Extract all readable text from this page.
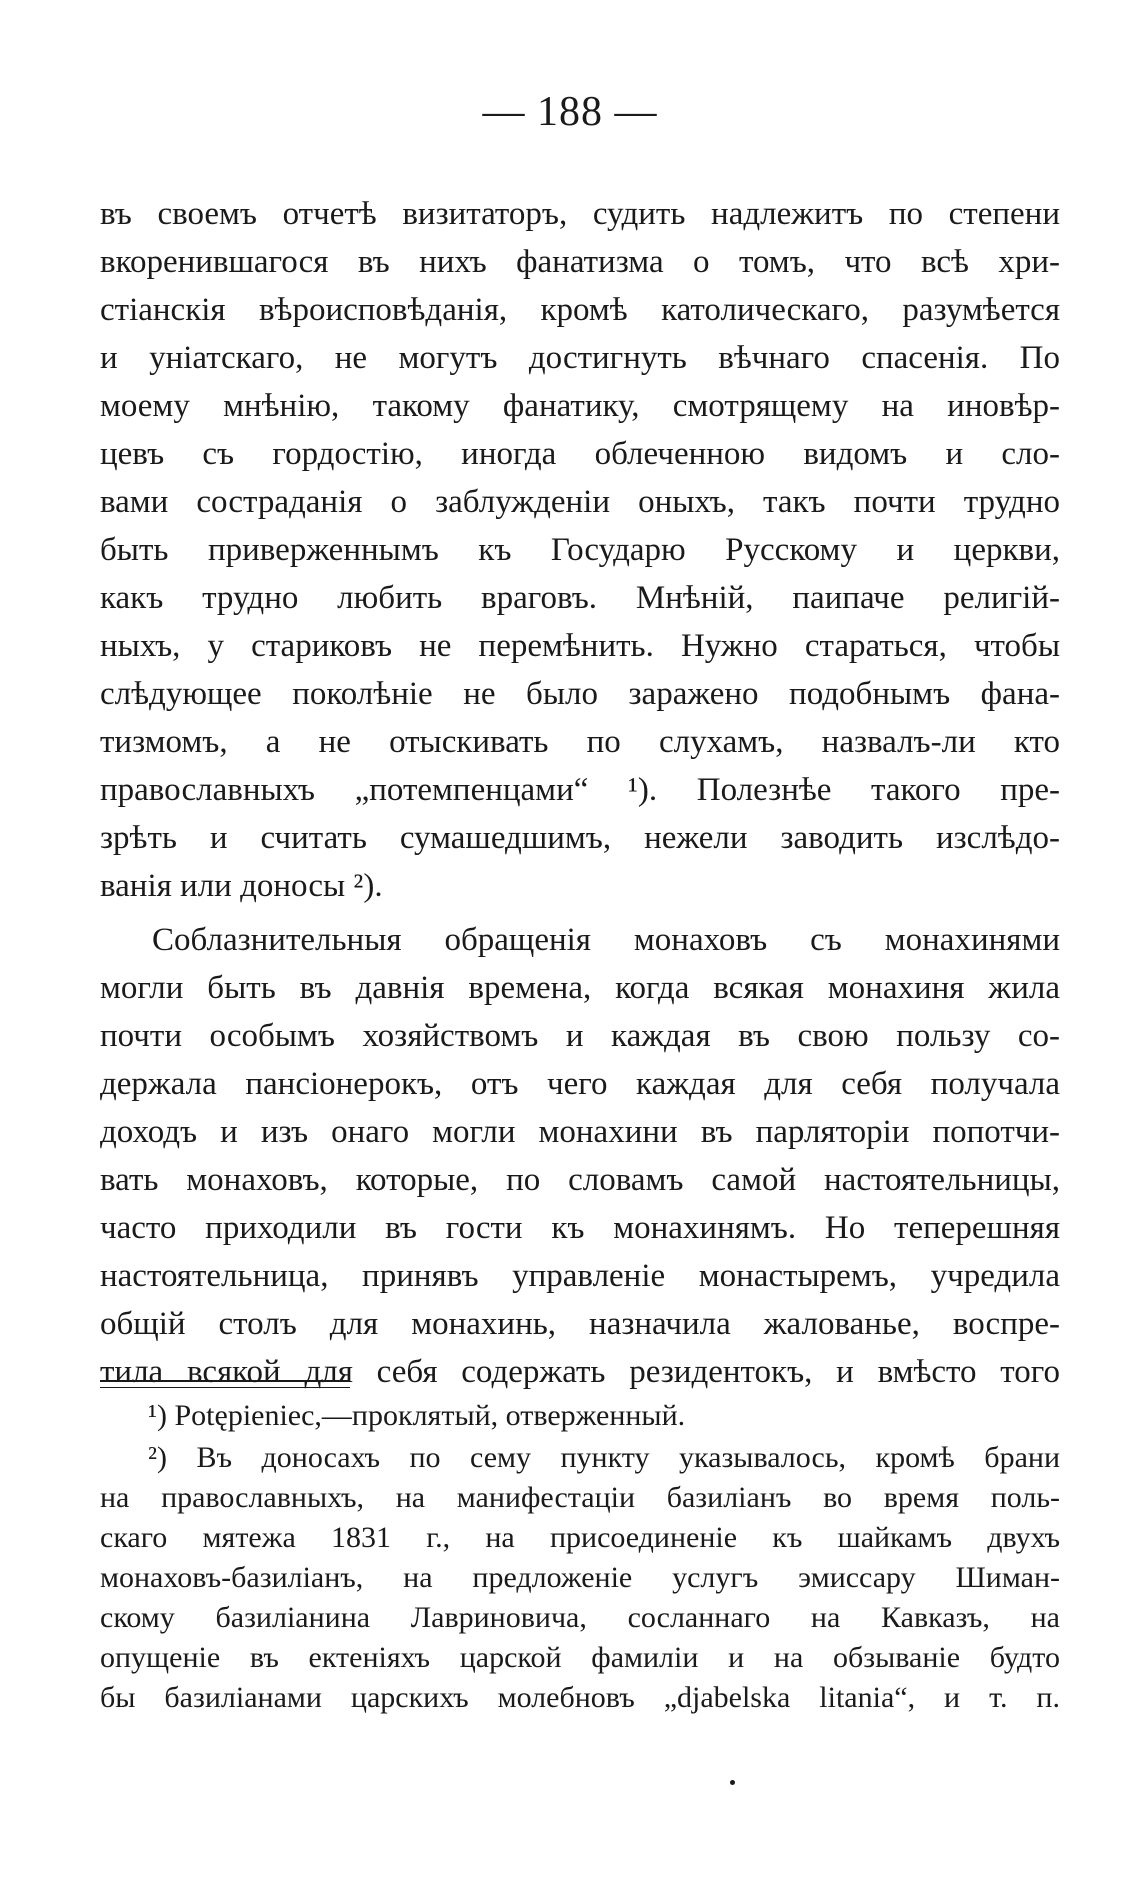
— 188 —
въ своемъ отчетѣ визитаторъ, судить надлежитъ по степени
вкоренившагося въ нихъ фанатизма о томъ, что всѣ хри-
стіанскія вѣроисповѣданія, кромѣ католическаго, разумѣется
и уніатскаго, не могутъ достигнуть вѣчнаго спасенія. По
моему мнѣнію, такому фанатику, смотрящему на иновѣр-
цевъ съ гордостію, иногда облеченною видомъ и сло-
вами сострaданія о заблужденіи оныхъ, такъ почти трудно
быть приверженнымъ къ Государю Русскому и церкви,
какъ трудно любить враговъ. Мнѣній, паипаче религій-
ныхъ, у стариковъ не перемѣнить. Нужно стараться, чтобы
слѣдующее поколѣніе не было заражено подобнымъ фана-
тизмомъ, а не отыскивать по слухамъ, назвалъ-ли кто
православныхъ „потемпенцами“ ¹). Полезнѣе такого пре-
зрѣть и считать сумашедшимъ, нежели заводить изслѣдо-
ванія или доносы ²).
Соблазнительныя обращенія монаховъ съ монахинями
могли быть въ давнія времена, когда всякая монахиня жила
почти особымъ хозяйствомъ и каждая въ свою пользу со-
держала пансіонерокъ, отъ чего каждая для себя получала
доходъ и изъ онаго могли монахини въ парляторіи попотчи-
вать монаховъ, которые, по словамъ самой настоятельницы,
часто приходили въ гости къ монахинямъ. Но теперешняя
настоятельница, принявъ управленіе монастыремъ, учредила
общій столъ для монахинь, назначила жалованье, воспре-
тила всякой для себя содержать резидентокъ, и вмѣсто того
¹) Potępieniec,—проклятый, отверженный.
²) Въ доносахъ по сему пункту указывалось, кромѣ брани
на православныхъ, на манифестаціи базиліанъ во время поль-
скаго мятежа 1831 г., на присоединеніе къ шайкамъ двухъ
монаховъ-базиліанъ, на предложеніе услугъ эмиссару Шиман-
скому базиліанина Лавриновича, сосланнаго на Кавказъ, на
опущеніе въ ектеніяхъ царской фамиліи и на обзываніе будто
бы базиліанами царскихъ молебновъ „djabelska litania“, и т. п.
